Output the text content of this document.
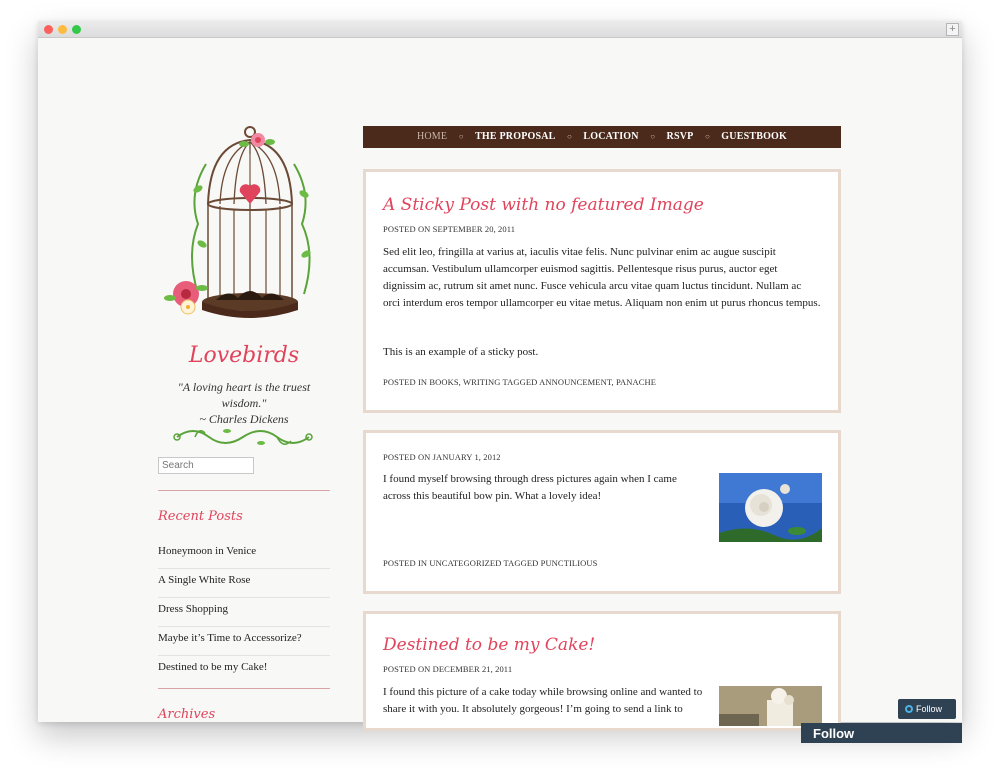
+
Lovebirds
"A loving heart is the truest wisdom."
~ Charles Dickens
Search
Recent Posts
Honeymoon in Venice
A Single White Rose
Dress Shopping
Maybe it’s Time to Accessorize?
Destined to be my Cake!
Archives
HOME ○ THE PROPOSAL ○ LOCATION ○ RSVP ○ GUESTBOOK
A Sticky Post with no featured Image
POSTED ON SEPTEMBER 20, 2011
Sed elit leo, fringilla at varius at, iaculis vitae felis. Nunc pulvinar enim ac augue suscipit accumsan. Vestibulum ullamcorper euismod sagittis. Pellentesque risus purus, auctor eget dignissim ac, rutrum sit amet nunc. Fusce vehicula arcu vitae quam luctus tincidunt. Nullam ac orci interdum eros tempor ullamcorper eu vitae metus. Aliquam non enim ut purus rhoncus tempus.
This is an example of a sticky post.
POSTED IN BOOKS, WRITING TAGGED ANNOUNCEMENT, PANACHE
POSTED ON JANUARY 1, 2012
I found myself browsing through dress pictures again when I came across this beautiful bow pin. What a lovely idea!
POSTED IN UNCATEGORIZED TAGGED PUNCTILIOUS
Destined to be my Cake!
POSTED ON DECEMBER 21, 2011
I found this picture of a cake today while browsing online and wanted to share it with you. It absolutely gorgeous! I’m going to send a link to	Follow
Follow
